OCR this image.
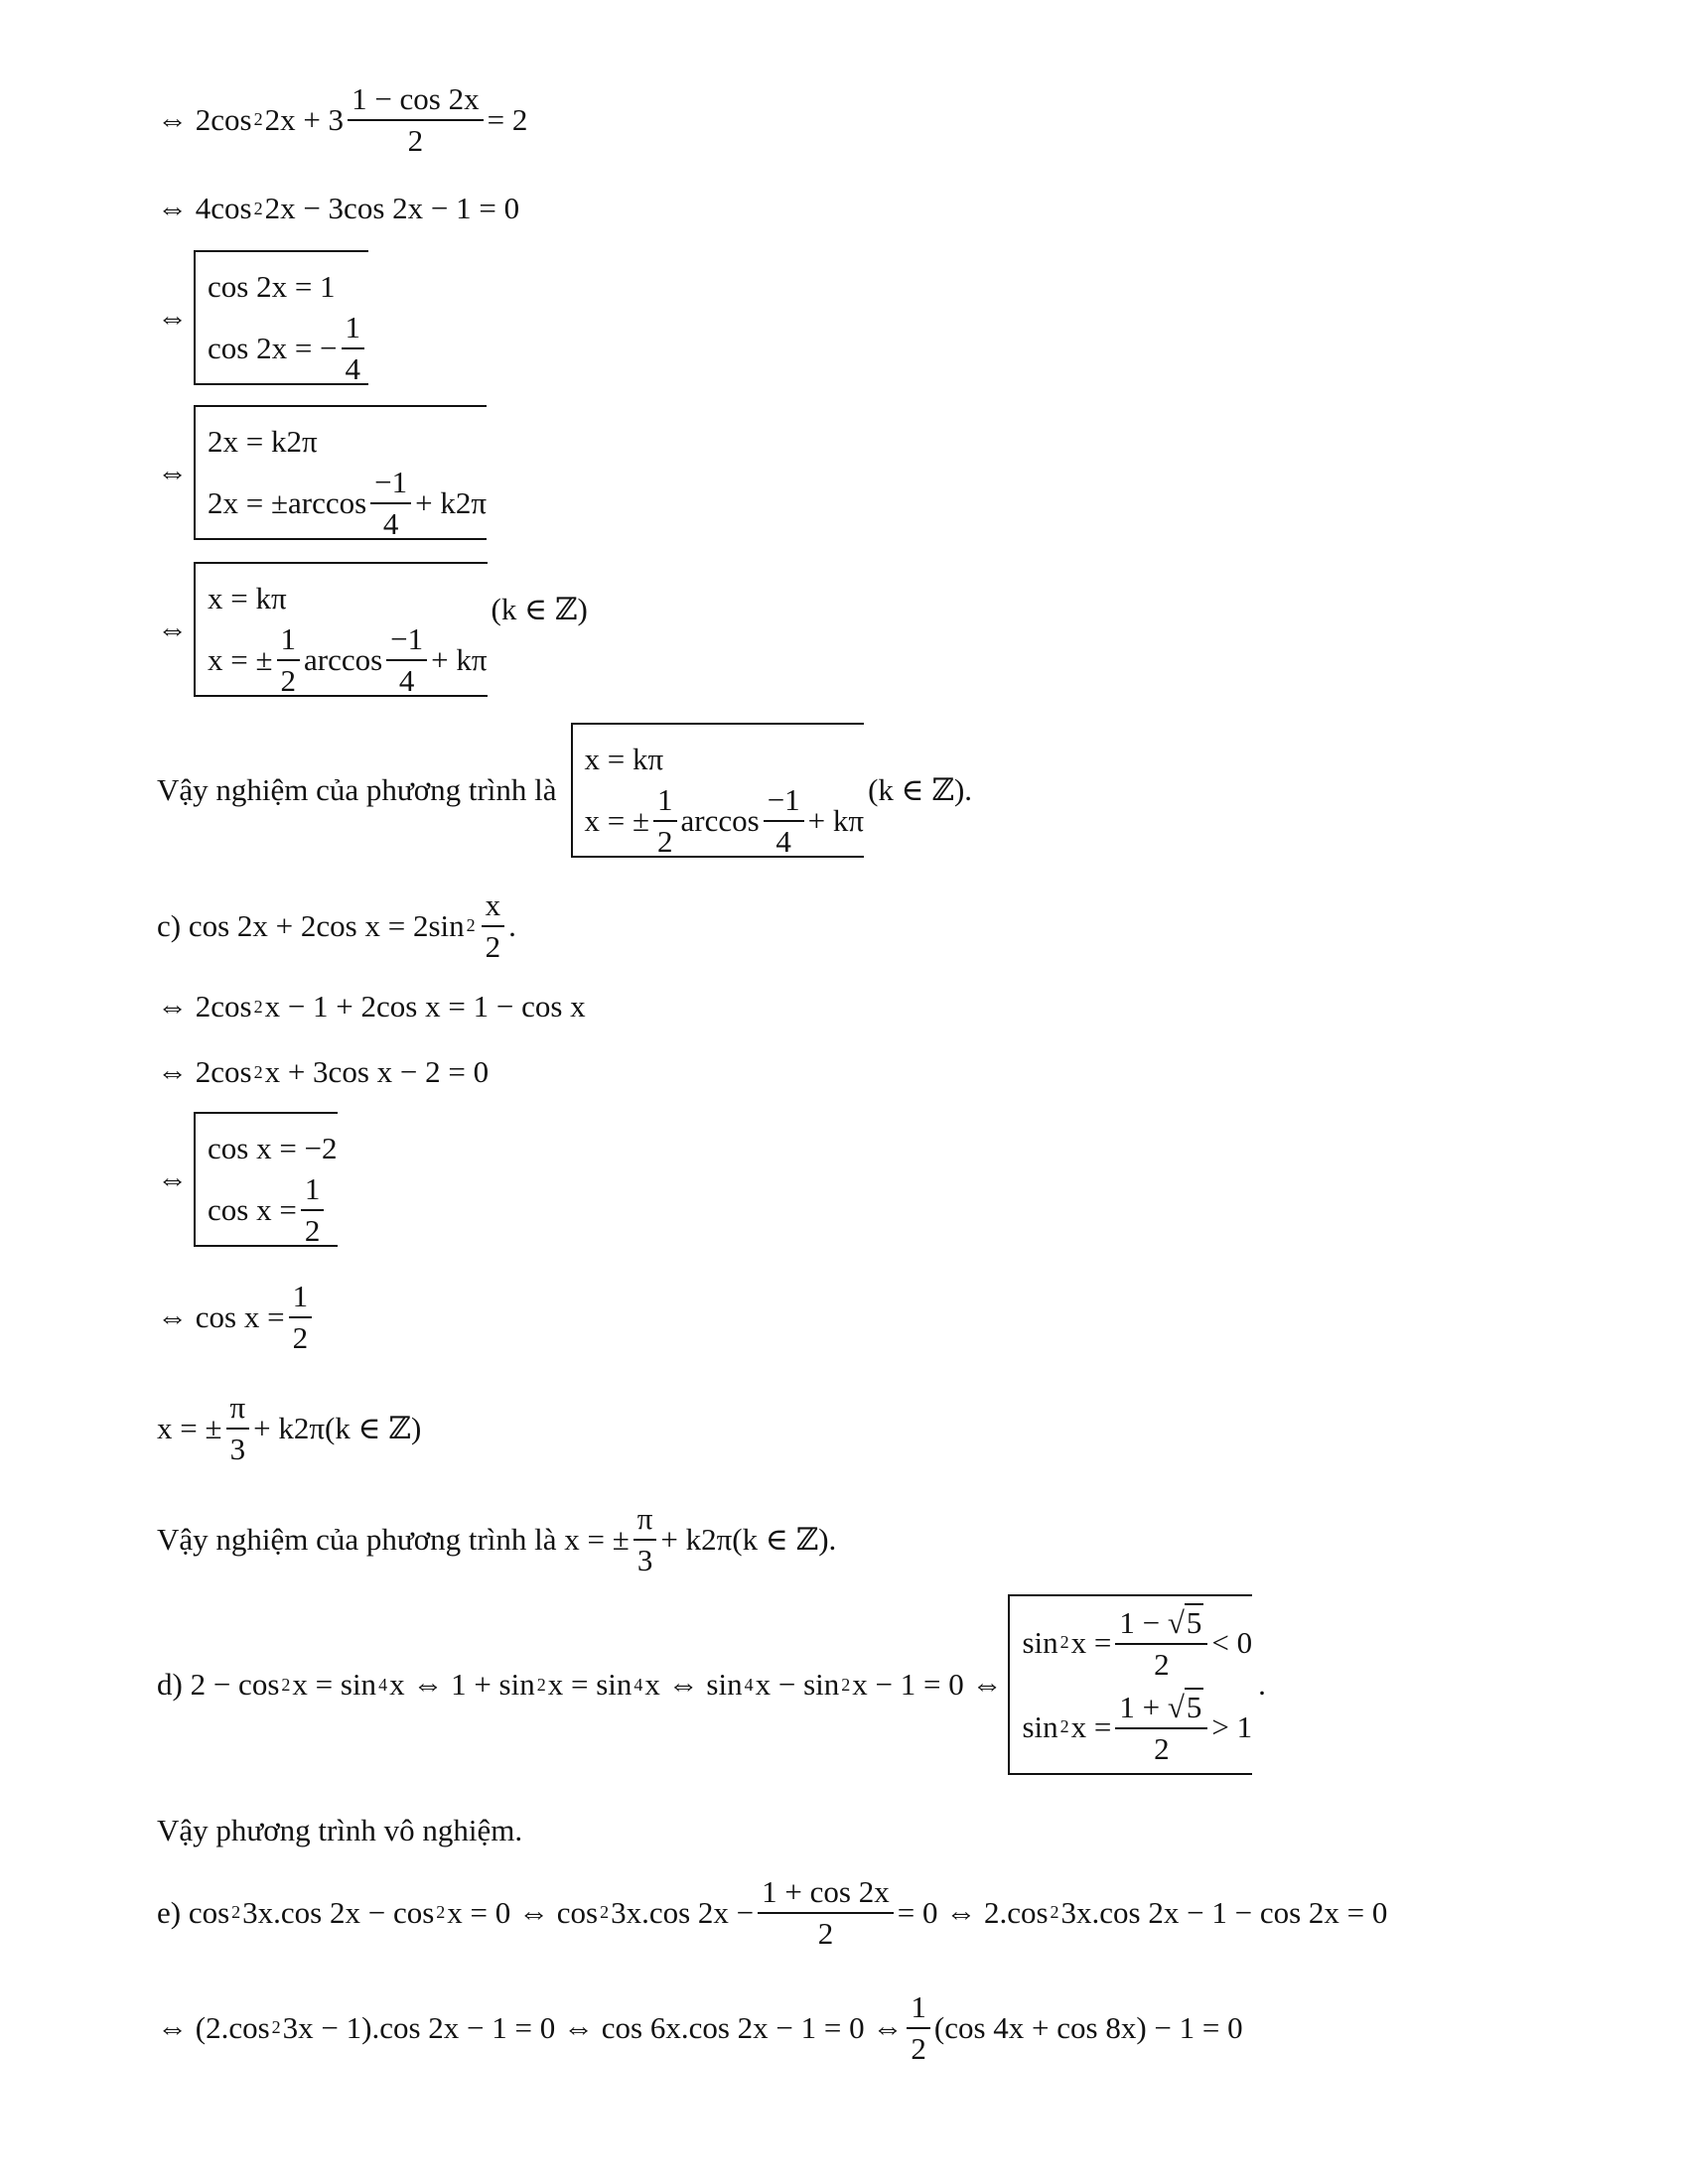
⇔ 2cos 2 $2x + 3 \frac{1 - \cos 2x}{2} = 2$
⇔ 4cos 2 2x − 3cos 2x − 1 = 0
⇔
cos 2x = 1
cos 2x = − $\frac{1}{4}$
⇔
2x = k2π
$2x = \pm\arccos \frac{-1}{4} + k2\pi$
⇔
x = kπ
x = ± $\frac{1}{2}$ $\arccos \frac{-1}{4} + k\pi$
(k ∈ ℤ)
Vậy nghiệm của phương trình là
x = kπ
x = ± $\frac{1}{2}$ $\arccos \frac{-1}{4} + k\pi$
(k ∈ ℤ).
c) cos 2x + 2cos x = 2sin $2 \frac{x}{2}$ .
⇔ 2cos 2 x − 1 + 2cos x = 1 − cos x
⇔ 2cos 2 x + 3cos x − 2 = 0
⇔
cos x = −2
$\cos x = \frac{1}{2}$
⇔ $\cos x = \frac{1}{2}$
x = ± $\frac{\pi}{3} + k2\pi(k$ ∈ ℤ)
Vậy nghiệm của phương trình là x = ± $\frac{\pi}{3} + k2\pi(k$ ∈ ℤ).
d) 2 − cos 2 x = sin 4 x ⇔ 1 + sin 2 x = sin 4 x ⇔ sin 4 x − sin 2 x − 1 = 0 ⇔
sin 2 $x = \frac{1 - √5}{2} < 0$
sin 2 $x = \frac{1 + √5}{2} > 1$
.
Vậy phương trình vô nghiệm.
e) cos 2 3x.cos 2x − cos 2 x = 0 ⇔ cos 2 3x.cos $2x - \frac{1 + \cos 2x}{2} = 0$ ⇔ 2.cos 2 3x.cos 2x − 1 − cos 2x = 0
⇔ (2.cos 2 3x − 1).cos 2x − 1 = 0 ⇔ cos 6x.cos 2x − 1 = 0 ⇔ $\frac{1}{2} (\cos$ 4x + cos 8x) − 1 = 0
